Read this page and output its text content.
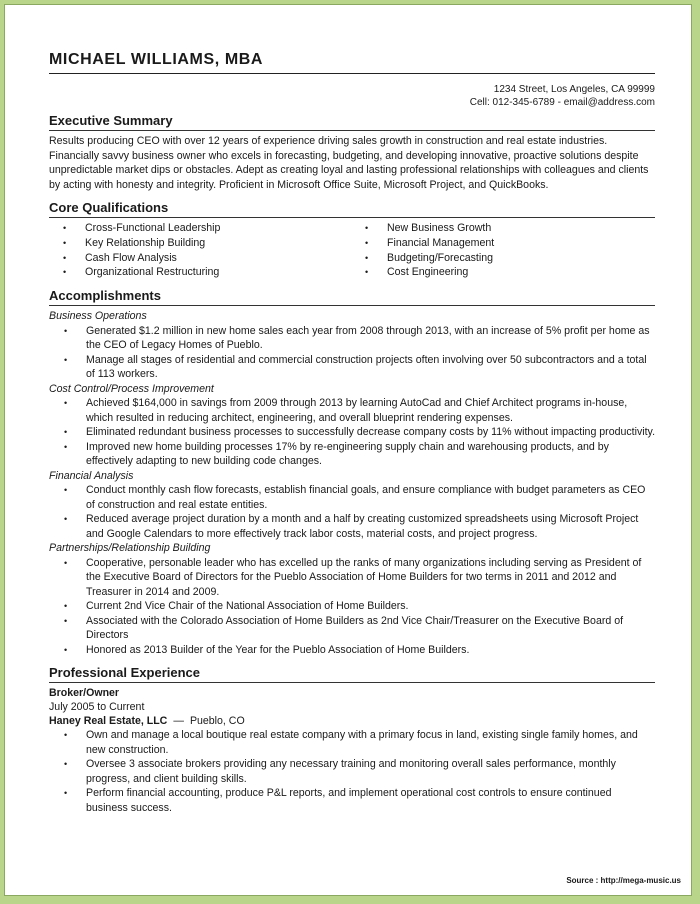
MICHAEL WILLIAMS, MBA
1234 Street, Los Angeles, CA 99999
Cell: 012-345-6789 - email@address.com
Executive Summary

Results producing CEO with over 12 years of experience driving sales growth in construction and real estate industries. Financially savvy business owner who excels in forecasting, budgeting, and developing innovative, proactive solutions despite unpredictable market dips or obstacles. Adept as creating loyal and lasting professional relationships with colleagues and clients by acting with honesty and integrity. Proficient in Microsoft Office Suite, Microsoft Project, and QuickBooks.

Core Qualifications
• Cross-Functional Leadership
• Key Relationship Building
• Cash Flow Analysis
• Organizational Restructuring
• New Business Growth
• Financial Management
• Budgeting/Forecasting
• Cost Engineering
Accomplishments

Business Operations

• Generated $1.2 million in new home sales each year from 2008 through 2013, with an increase of 5% profit per home as the CEO of Legacy Homes of Pueblo.
• Manage all stages of residential and commercial construction projects often involving over 50 subcontractors and a total of 113 workers.

Cost Control/Process Improvement

• Achieved $164,000 in savings from 2009 through 2013 by learning AutoCad and Chief Architect programs in-house, which resulted in reducing architect, engineering, and overall blueprint rendering expenses.
• Eliminated redundant business processes to successfully decrease company costs by 11% without impacting productivity.
• Improved new home building processes 17% by re-engineering supply chain and warehousing products, and by effectively adapting to new building code changes.

Financial Analysis

• Conduct monthly cash flow forecasts, establish financial goals, and ensure compliance with budget parameters as CEO of construction and real estate entities.
• Reduced average project duration by a month and a half by creating customized spreadsheets using Microsoft Project and Google Calendars to more effectively track labor costs, material costs, and project progress.

Partnerships/Relationship Building

• Cooperative, personable leader who has excelled up the ranks of many organizations including serving as President of the Executive Board of Directors for the Pueblo Association of Home Builders for two terms in 2011 and 2012 and Treasurer in 2014 and 2009.
• Current 2nd Vice Chair of the National Association of Home Builders.
• Associated with the Colorado Association of Home Builders as 2nd Vice Chair/Treasurer on the Executive Board of Directors
• Honored as 2013 Builder of the Year for the Pueblo Association of Home Builders.
Professional Experience

Broker/Owner

July 2005 to Current

Haney Real Estate, LLC — Pueblo, CO

• Own and manage a local boutique real estate company with a primary focus in land, existing single family homes, and new construction.
• Oversee 3 associate brokers providing any necessary training and monitoring overall sales performance, monthly progress, and client building skills.
• Perform financial accounting, produce P&L reports, and implement operational cost controls to ensure continued business success.
Source : http://mega-music.us
